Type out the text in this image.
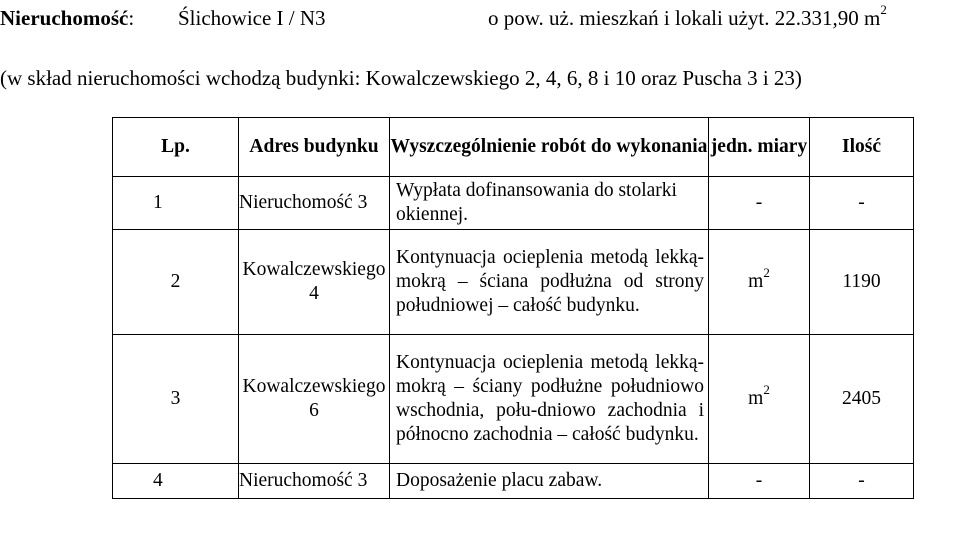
Nieruchomość: Ślichowice I / N3	o pow. uż. mieszkań i lokali użyt. 22.331,90 $m^2$
(w skład nieruchomości wchodzą budynki: Kowalczewskiego 2, 4, 6, 8 i 10 oraz Puscha 3 i 23)
Lp.	Adres budynku	Wyszczególnienie robót do wykonania	jedn. miary	Ilość
1	Nieruchomość 3	Wypłata dofinansowania do stolarki okiennej.	-	-
2	Kowalczewskiego 4	Kontynuacja ocieplenia metodą lekką-mokrą – ściana podłużna od strony południowej – całość budynku.	$m^2$	1190
3	Kowalczewskiego 6	Kontynuacja ocieplenia metodą lekką-mokrą – ściany podłużne południowo wschodnia, połu-dniowo zachodnia i północno zachodnia – całość budynku.	$m^2$	2405
4	Nieruchomość 3	Doposażenie placu zabaw.	-	-
